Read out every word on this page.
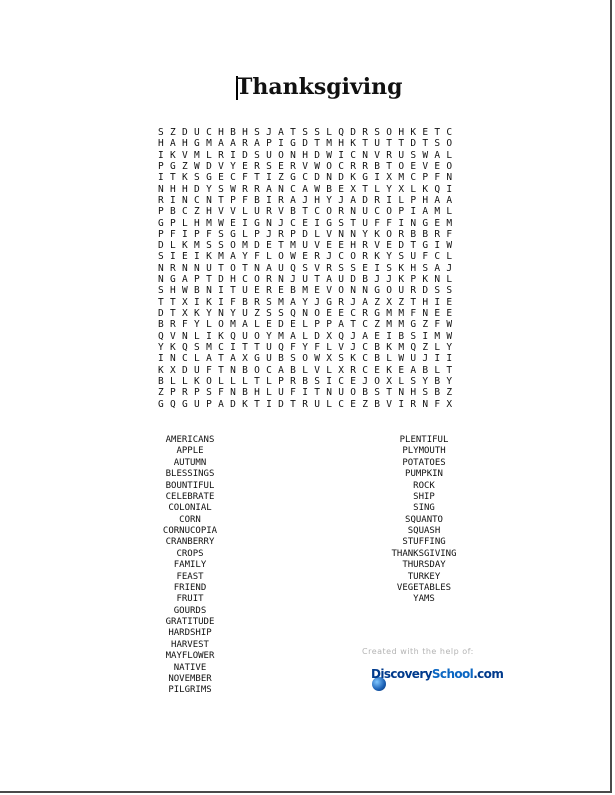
Thanksgiving
S Z D U C H B H S J A T S S L Q D R S O H K E T C
H A H G M A A R A P I G D T M H K T U T T D T S O
I K V M L R I D S U O N H D W I C N V R U S W A L
P G Z W D V Y E R S E R V W O C R R B T O E V E O
I T K S G E C F T I Z G C D N D K G I X M C P F N
N H H D Y S W R R A N C A W B E X T L Y X L K Q I
R I N C N T P F B I R A J H Y J A D R I L P H A A
P B C Z H V V L U R V B T C O R N U C O P I A M L
G P L H M W E I G N J C E I G S T U F F I N G E M
P F I P F S G L P J R P D L V N N Y K O R B B R F
D L K M S S O M D E T M U V E E H R V E D T G I W
S I E I K M A Y F L O W E R J C O R K Y S U F C L
N R N N U T O T N A U Q S V R S S E I S K H S A J
N G A P T D H C O R N J U T A U D B J J K P K N L
S H W B N I T U E R E B M E V O N N G O U R D S S
T T X I K I F B R S M A Y J G R J A Z X Z T H I E
D T X K Y N Y U Z S S Q N O E E C R G M M F N E E
B R F Y L O M A L E D E L P P A T C Z M M G Z F W
Q V N L I K Q U O Y M A L D X Q J A E I B S I M W
Y K Q S M C I T T U Q F Y F L V J C B K M Q Z L Y
I N C L A T A X G U B S O W X S K C B L W U J I I
K X D U F T N B O C A B L V L X R C E K E A B L T
B L L K O L L L T L P R B S I C E J O X L S Y B Y
Z P R P S F N B H L U F I T N U O B S T N H S B Z
G Q G U P A D K T I D T R U L C E Z B V I R N F X
AMERICANS
APPLE
AUTUMN
BLESSINGS
BOUNTIFUL
CELEBRATE
COLONIAL
CORN
CORNUCOPIA
CRANBERRY
CROPS
FAMILY
FEAST
FRIEND
FRUIT
GOURDS
GRATITUDE
HARDSHIP
HARVEST
MAYFLOWER
NATIVE
NOVEMBER
PILGRIMS
PLENTIFUL
PLYMOUTH
POTATOES
PUMPKIN
ROCK
SHIP
SING
SQUANTO
SQUASH
STUFFING
THANKSGIVING
THURSDAY
TURKEY
VEGETABLES
YAMS
Created with the help of:
DiscoverySchool.com
